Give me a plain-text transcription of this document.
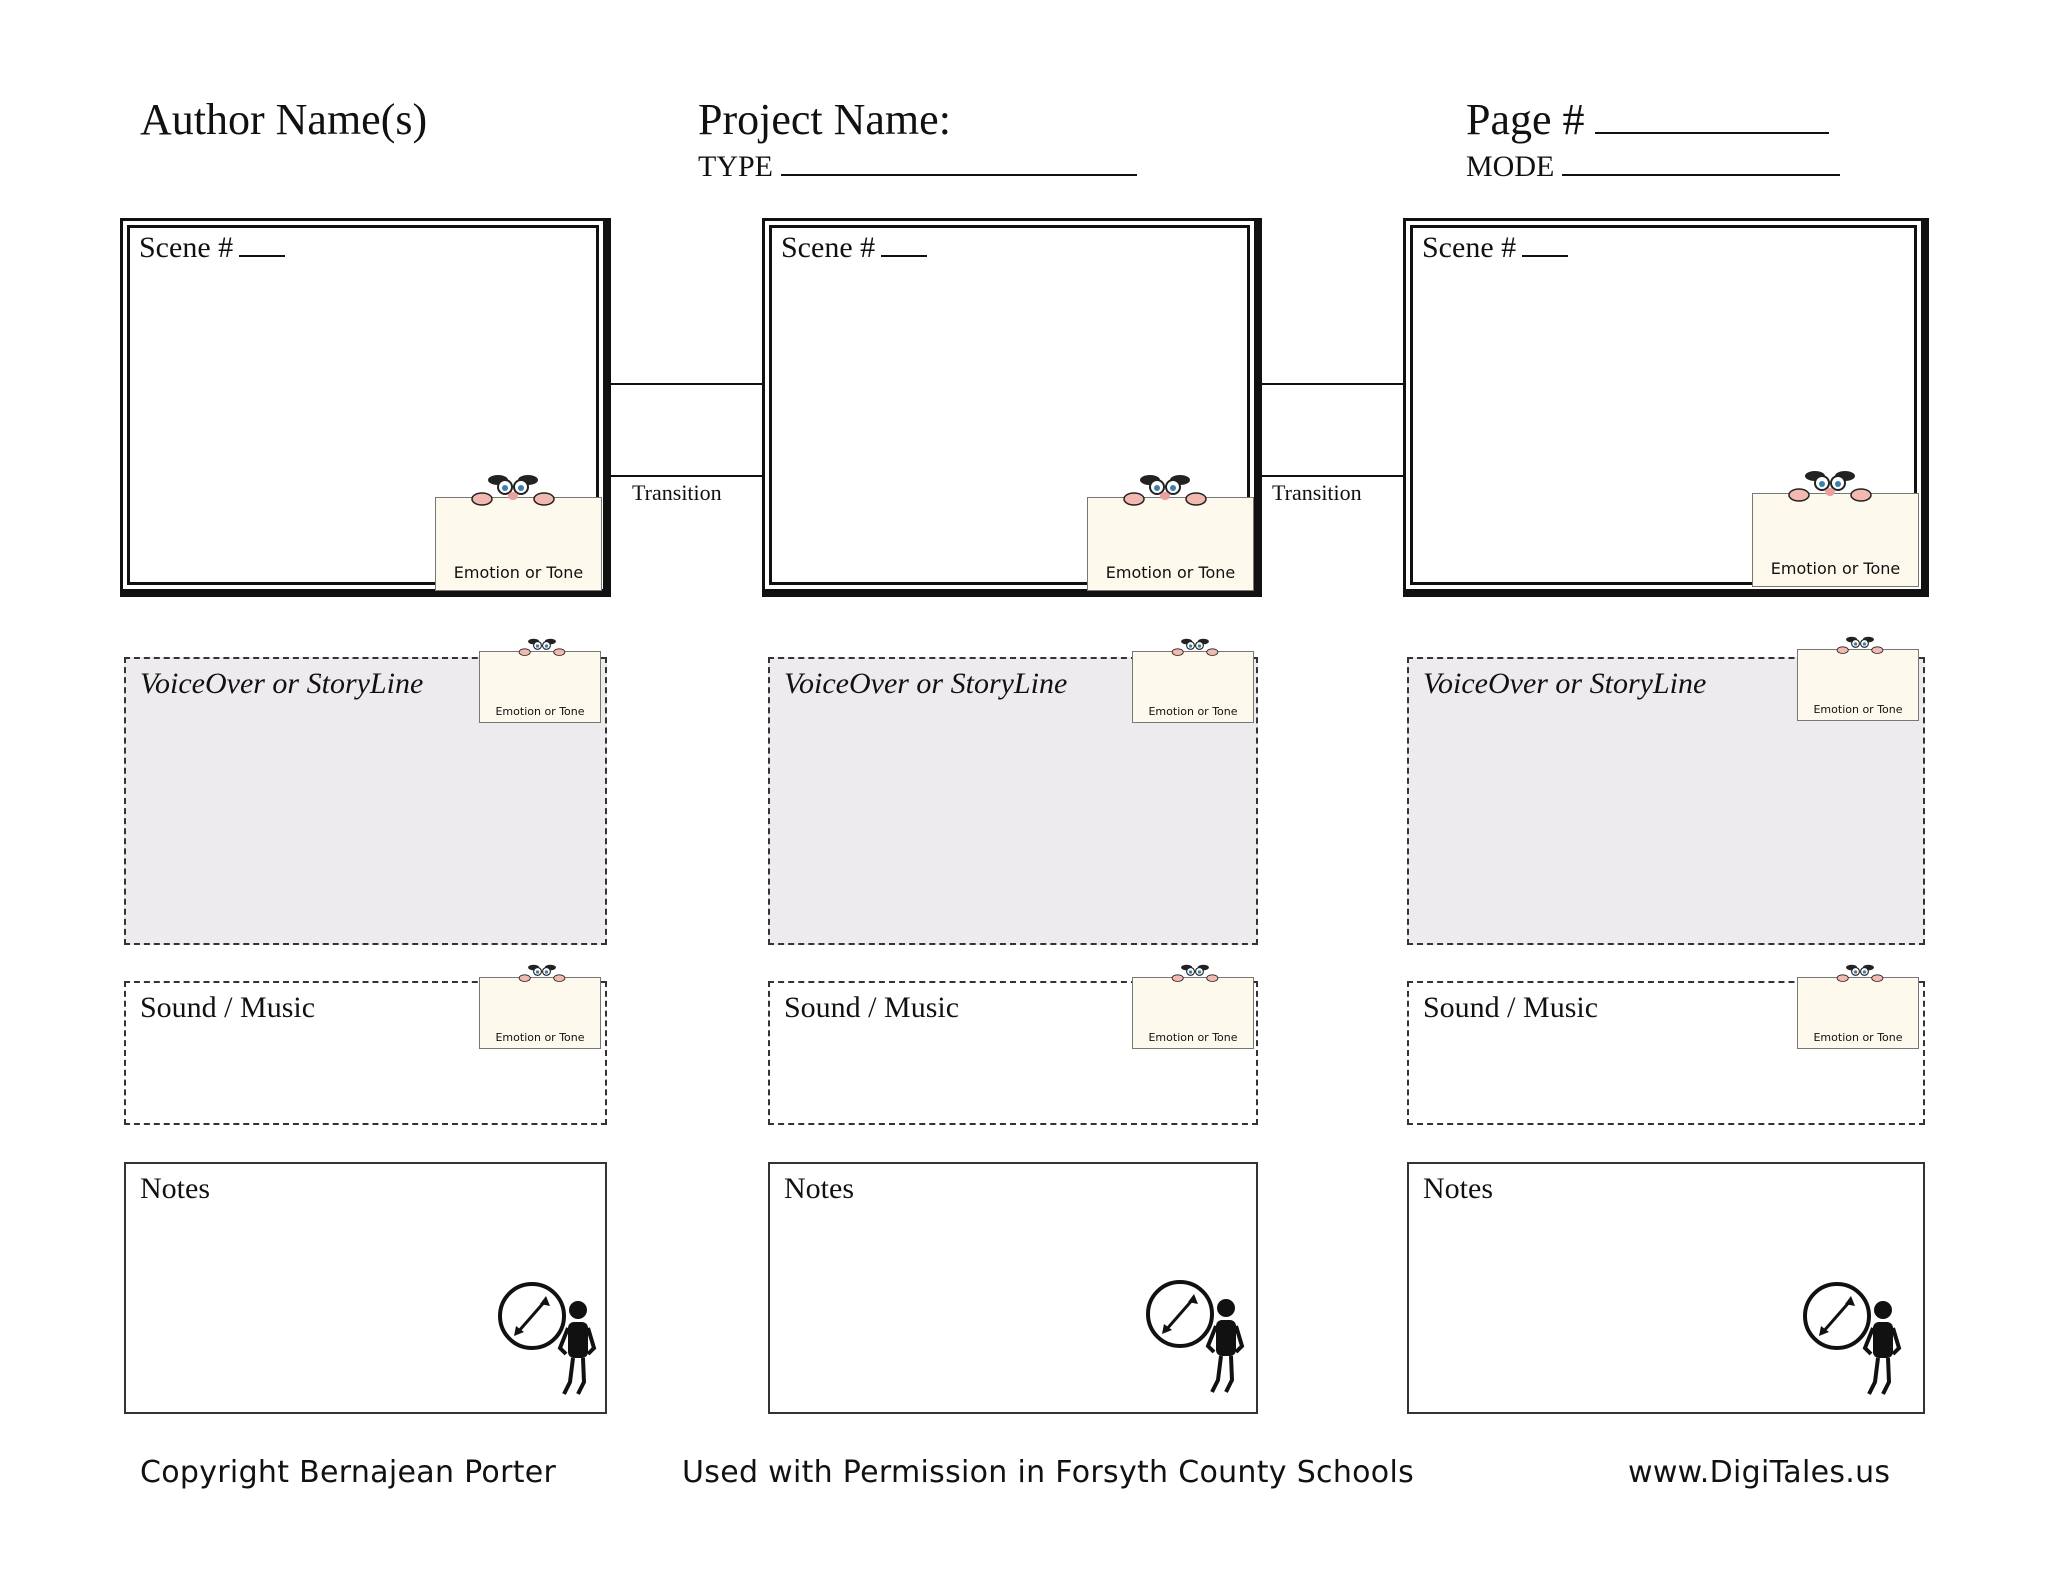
Author Name(s)	Project Name:
TYPE
Page #
MODE
Transition	Transition
Scene #
Emotion or Tone
VoiceOver or StoryLine
Emotion or Tone
Sound / Music
Emotion or Tone
Notes
Scene #
Emotion or Tone
VoiceOver or StoryLine
Emotion or Tone
Sound / Music
Emotion or Tone
Notes
Scene #
Emotion or Tone
VoiceOver or StoryLine
Emotion or Tone
Sound / Music
Emotion or Tone
Notes
Copyright Bernajean Porter	Used with Permission in Forsyth County Schools	www.DigiTales.us
